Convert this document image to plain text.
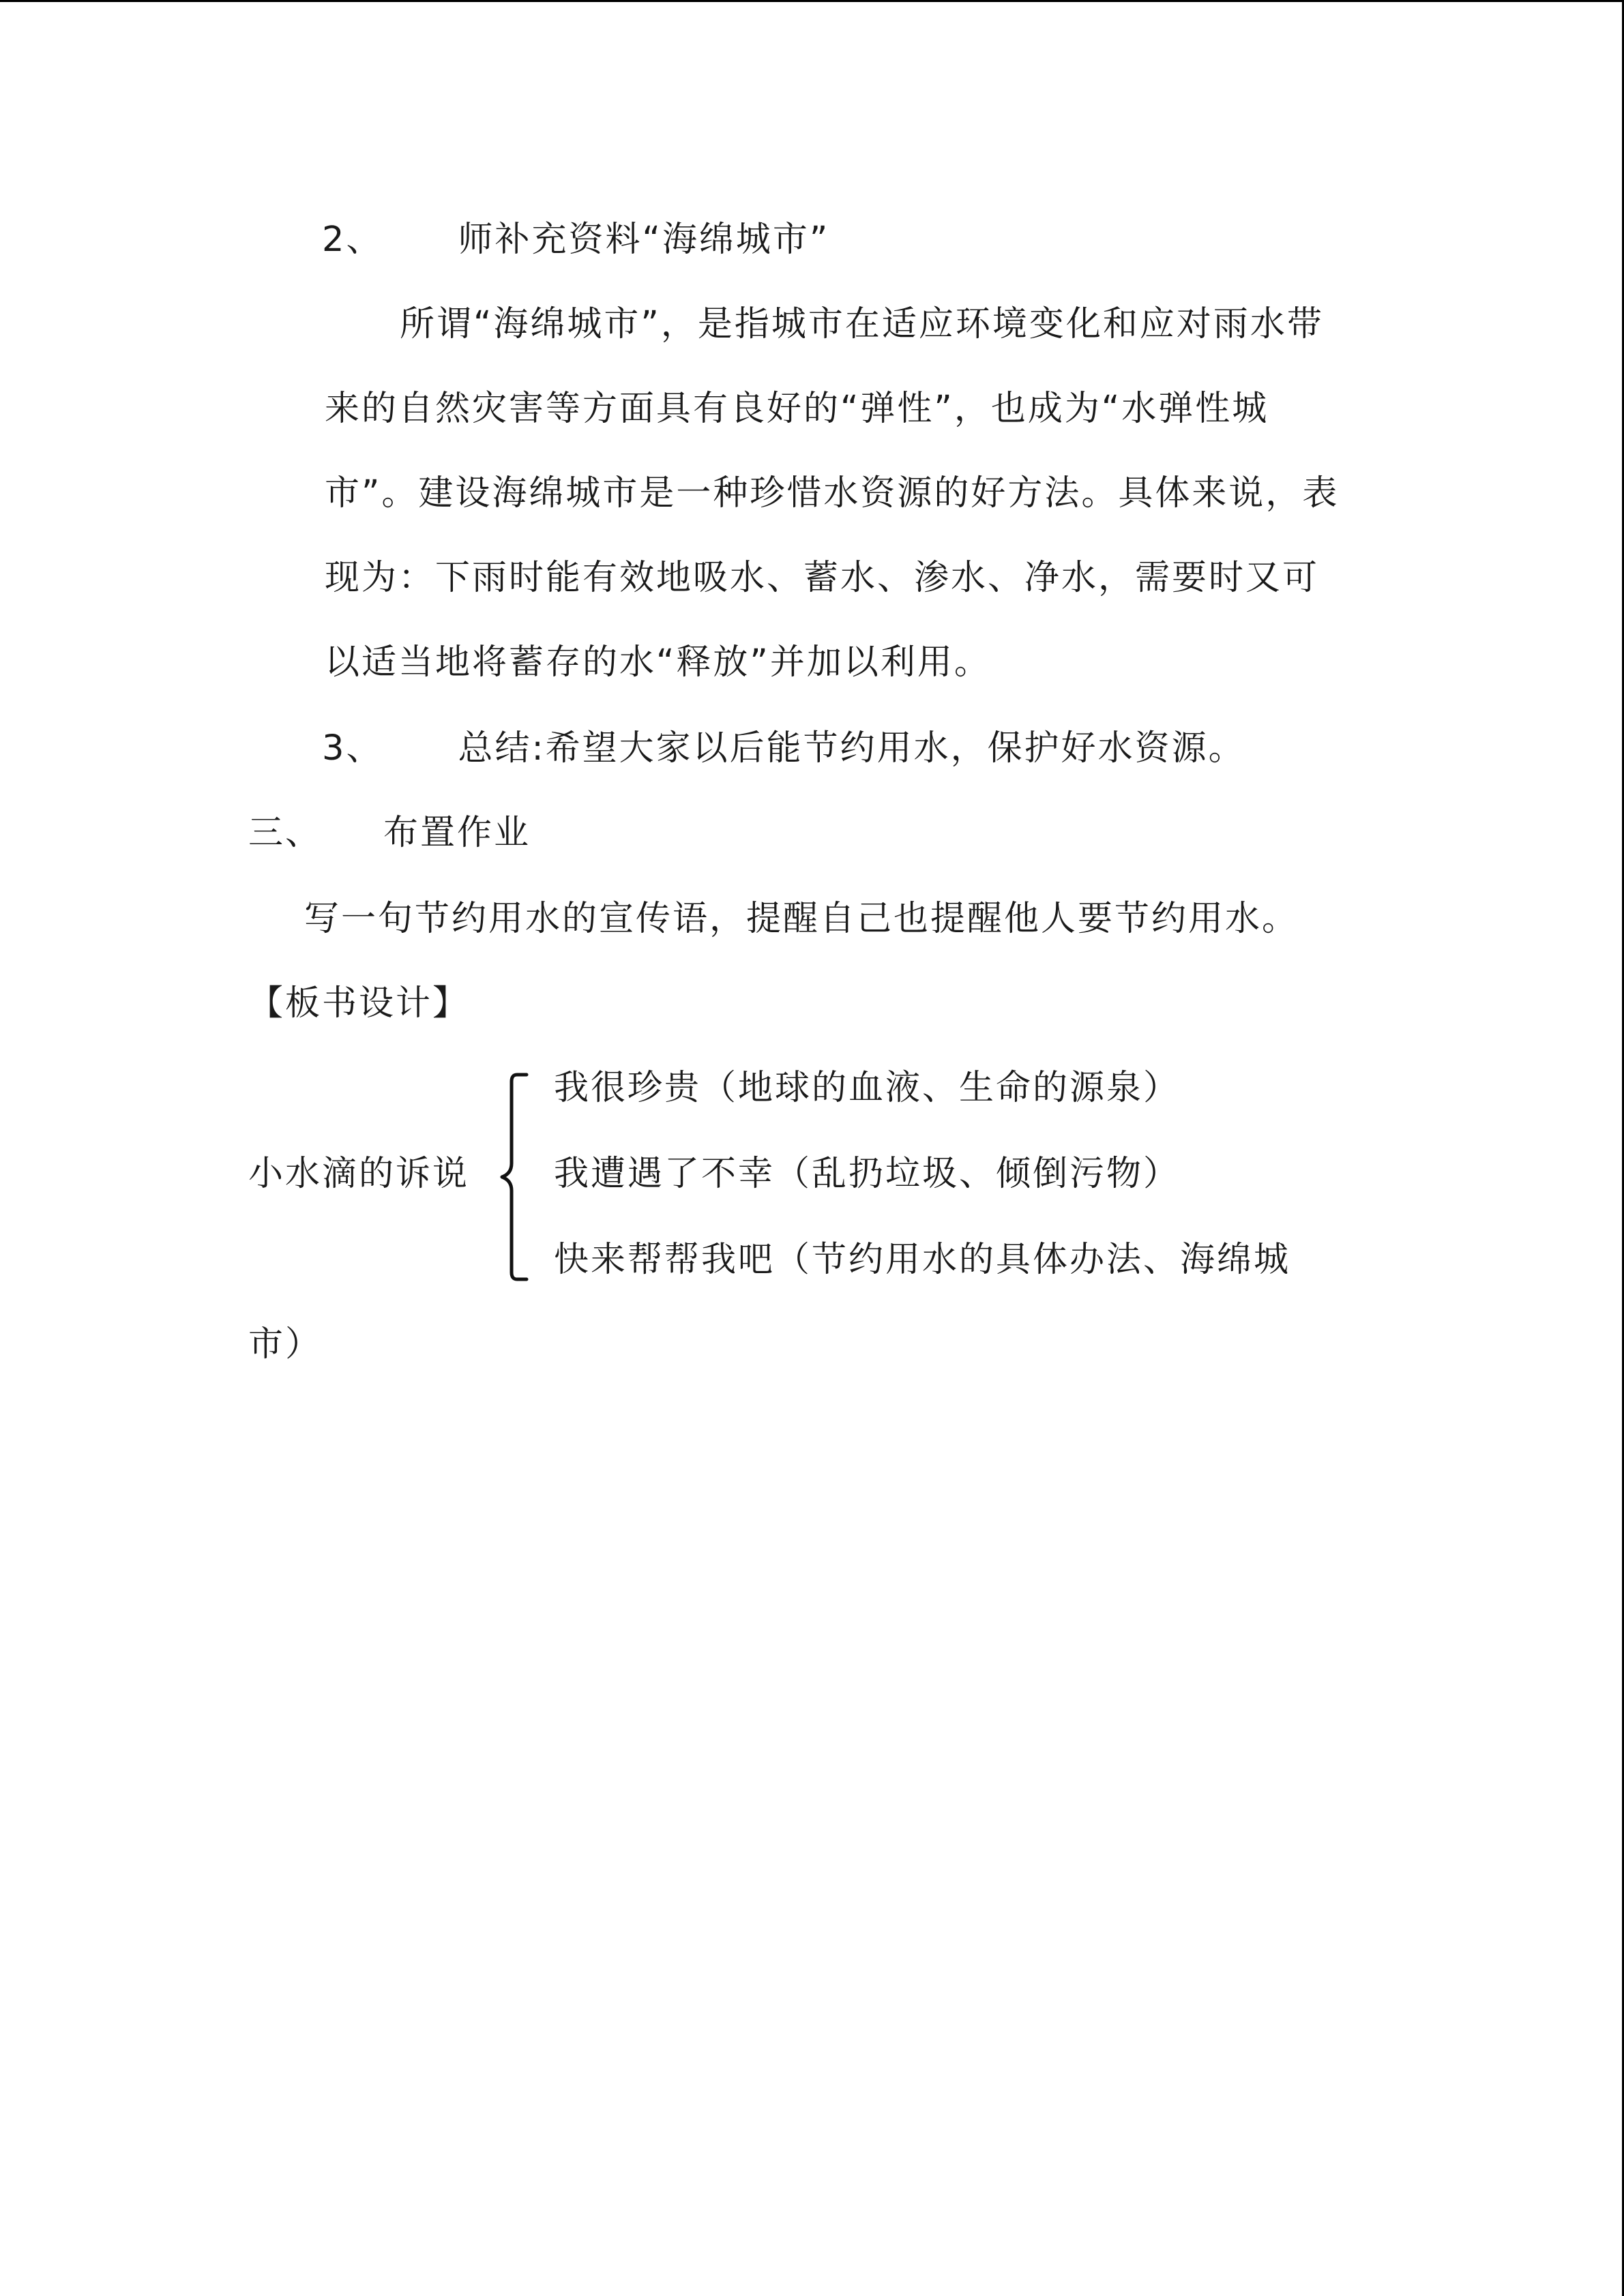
2、 师补充资料“海绵城市”
所谓“海绵城市”，是指城市在适应环境变化和应对雨水带
来的自然灾害等方面具有良好的“弹性”，也成为“水弹性城
市”。建设海绵城市是一种珍惜水资源的好方法。具体来说，表
现为：下雨时能有效地吸水、蓄水、渗水、净水，需要时又可
以适当地将蓄存的水“释放”并加以利用。
3、 总结:希望大家以后能节约用水，保护好水资源。
三、 布置作业
写一句节约用水的宣传语，提醒自己也提醒他人要节约用水。
【板书设计】
我很珍贵（地球的血液、生命的源泉）
小水滴的诉说 我遭遇了不幸（乱扔垃圾、倾倒污物）
快来帮帮我吧（节约用水的具体办法、海绵城
市）
